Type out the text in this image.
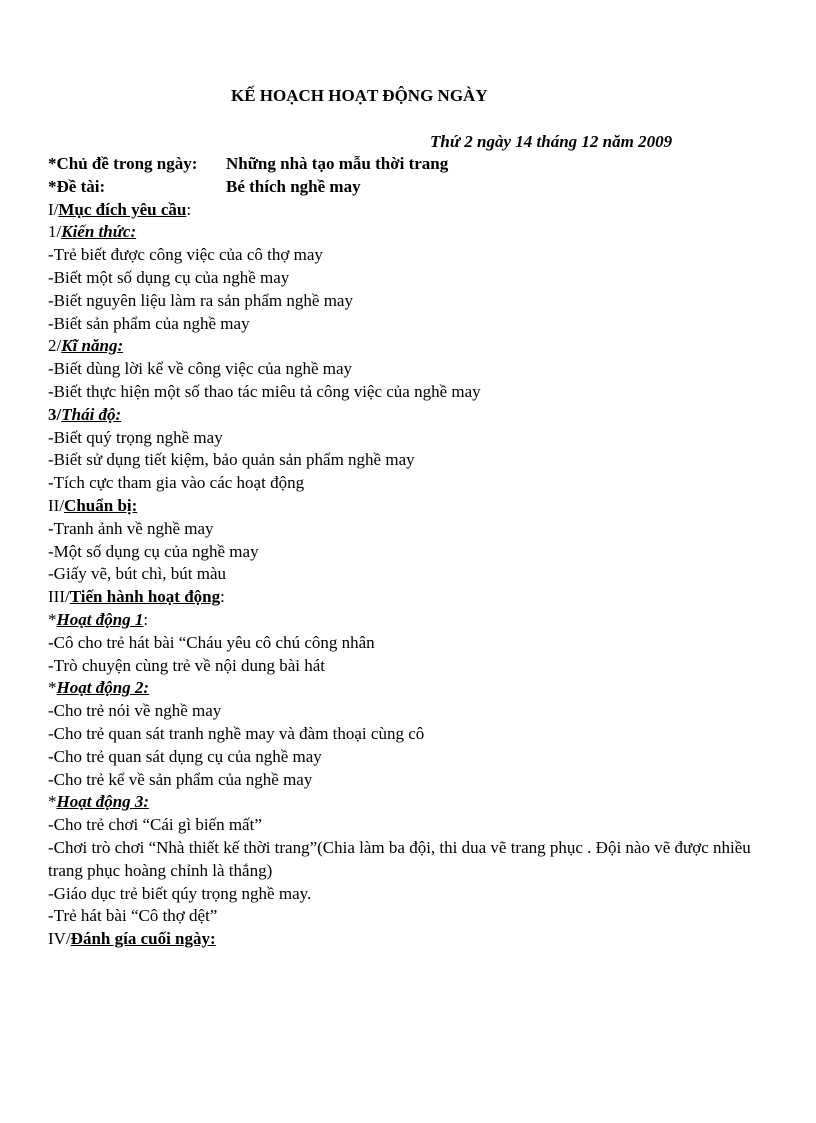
KẾ HOẠCH HOẠT ĐỘNG NGÀY
Thứ 2 ngày 14 tháng 12 năm 2009
*Chủ đề trong ngày:	Những nhà tạo mẫu thời trang
*Đề tài:	Bé thích nghề may
I/Mục đích yêu cầu:
1/Kiến thức:
-Trẻ biết được công việc của cô thợ may
-Biết một số dụng cụ của nghề may
-Biết nguyên liệu làm ra sản phẩm nghề may
-Biết sản phẩm của nghề may
2/Kĩ năng:
-Biết dùng lời kể về công việc của nghề may
-Biết thực hiện một số thao tác miêu tả công việc của nghề may
3/Thái độ:
-Biết quý trọng nghề may
-Biết sử dụng tiết kiệm, bảo quản sản phẩm nghề may
-Tích cực tham gia vào các hoạt động
II/Chuẩn bị:
-Tranh ảnh về nghề may
-Một số dụng cụ của nghề may
-Giấy vẽ, bút chì, bút màu
III/Tiến hành hoạt động:
*Hoạt động 1:
-Cô cho trẻ hát bài “Cháu yêu cô chú công nhân
-Trò chuyện cùng trẻ về nội dung bài hát
*Hoạt động 2:
-Cho trẻ nói về nghề may
-Cho trẻ quan sát tranh nghề may và đàm thoại cùng cô
-Cho trẻ quan sát dụng cụ của nghề may
-Cho trẻ kể về sản phẩm của nghề may
*Hoạt động 3:
-Cho trẻ chơi “Cái gì biến mất”
-Chơi trò chơi “Nhà thiết kế thời trang”(Chia làm ba đội, thi dua vẽ trang phục . Đội nào vẽ được nhiều trang phục hoàng chỉnh là thắng)
-Giáo dục trẻ biết qúy trọng nghề may.
-Trẻ hát bài “Cô thợ dệt”
IV/Đánh gía cuối ngày:
